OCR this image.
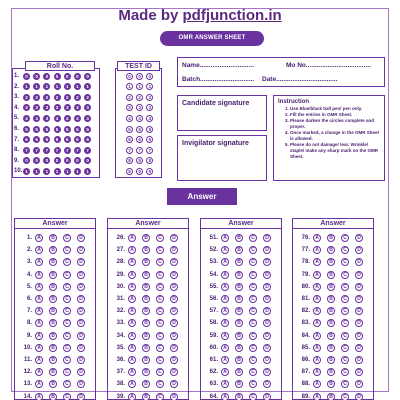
Made by pdfjunction.in
OMR ANSWER SHEET
1.	0	0	0	0	0	0	0
2.	1	1	1	1	1	1	1
3.	2	2	2	2	2	2	2
4.	3	3	3	3	3	3	3
5.	4	4	4	4	4	4	4
6.	5	5	5	5	5	5	5
7.	6	6	6	6	6	6	6
8.	7	7	7	7	7	7	7
9.	0	0	0	0	0	0	0
10. 1	1	1	1	1	1	1
Roll No.
0	0	0
1	1	1
2	2	2
3	3	3
4	4	4
5	5	5
6	6	6
7	7	7
8	8	8
9	9	9
TEST ID	Name..............................	Mo No....................................
Batch.............................. Date..................................
Candidate signature
Invigilator signature
Instruction
1. Use Blue/black ball pen/ pen only.
2. Fill the entries in OMR Sheet.
3. Please darken the circles complete and proper.
4. Once marked, a change in the OMR Sheet is allowed.
5. Please do not damage/ tear. Wrinkle/ staple/ make any sharp mark on the OMR Sheet.
Answer
1.	A	B	C	D
2.	A	B	C	D
3.	A	B	C	D
4.	A	B	C	D
5.	A	B	C	D
6.	A	B	C	D
7.	A	B	C	D
8.	A	B	C	D
9.	A	B	C	D
10.	A	B	C	D
11.	A	B	C	D
12.	A	B	C	D
13.	A	B	C	D
14.	A	B	C	D
Answer
26.	A	B	C	D
27.	A	B	C	D
28.	A	B	C	D
29.	A	B	C	D
30.	A	B	C	D
31.	A	B	C	D
32.	A	B	C	D
33.	A	B	C	D
34.	A	B	C	D
35.	A	B	C	D
36.	A	B	C	D
37.	A	B	C	D
38.	A	B	C	D
39.	A	B	C	D
Answer
51.	A	B	C	D
52.	A	B	C	D
53.	A	B	C	D
54.	A	B	C	D
55.	A	B	C	D
56.	A	B	C	D
57.	A	B	C	D
58.	A	B	C	D
59.	A	B	C	D
60.	A	B	C	D
61.	A	B	C	D
62.	A	B	C	D
63.	A	B	C	D
64.	A	B	C	D
Answer
76.	A	B	C	D
77.	A	B	C	D
78.	A	B	C	D
79.	A	B	C	D
80.	A	B	C	D
81.	A	B	C	D
82.	A	B	C	D
83.	A	B	C	D
84.	A	B	C	D
85.	A	B	C	D
86.	A	B	C	D
87.	A	B	C	D
88.	A	B	C	D
89.	A	B	C	D
Answer
